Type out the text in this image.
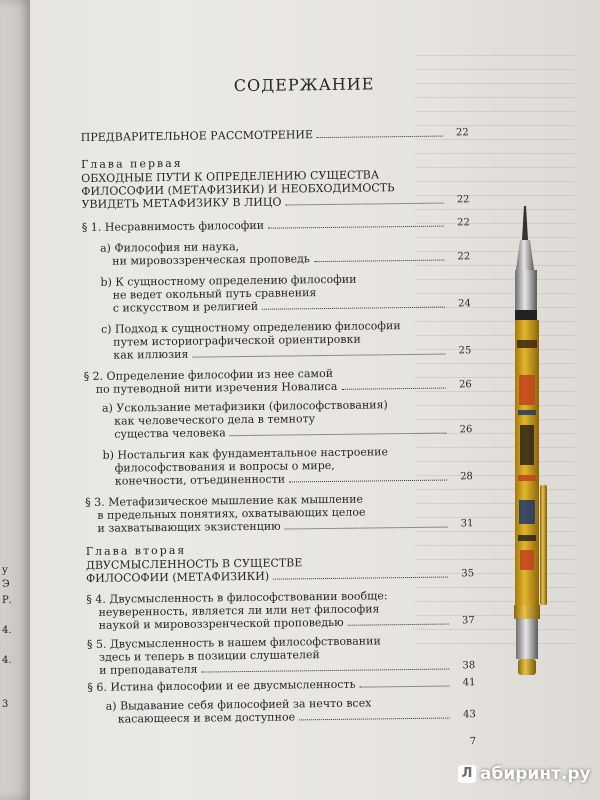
у
Э
Р.
4.
4.
3
СОДЕРЖАНИЕ
ПРЕДВАРИТЕЛЬНОЕ РАССМОТРЕНИЕ	22
Глава первая
ОБХОДНЫЕ ПУТИ К ОПРЕДЕЛЕНИЮ СУЩЕСТВА
ФИЛОСОФИИ (МЕТАФИЗИКИ) И НЕОБХОДИМОСТЬ
УВИДЕТЬ МЕТАФИЗИКУ В ЛИЦО	22
§ 1. Несравнимость философии	22
а) Философия ни наука,
ни мировоззренческая проповедь	22
b) К сущностному определению философии
не ведет окольный путь сравнения
с искусством и религией	24
c) Подход к сущностному определению философии
путем историографической ориентировки
как иллюзия	25
§ 2. Определение философии из нее самой
по путеводной нити изречения Новалиса	26
а) Ускользание метафизики (философствования)
как человеческого дела в темноту
существа человека	26
b) Ностальгия как фундаментальное настроение
философствования и вопросы о мире,
конечности, отъединенности	28
§ 3. Метафизическое мышление как мышление
в предельных понятиях, охватывающих целое
и захватывающих экзистенцию	31
Глава вторая
ДВУСМЫСЛЕННОСТЬ В СУЩЕСТВЕ
ФИЛОСОФИИ (МЕТАФИЗИКИ)	35
§ 4. Двусмысленность в философствовании вообще:
неуверенность, является ли или нет философия
наукой и мировоззренческой проповедью	37
§ 5. Двусмысленность в нашем философствовании
здесь и теперь в позиции слушателей
и преподавателя	38
§ 6. Истина философии и ее двусмысленность	41
а) Выдавание себя философией за нечто всех
касающееся и всем доступное	43
7
Л абиринт.ру
